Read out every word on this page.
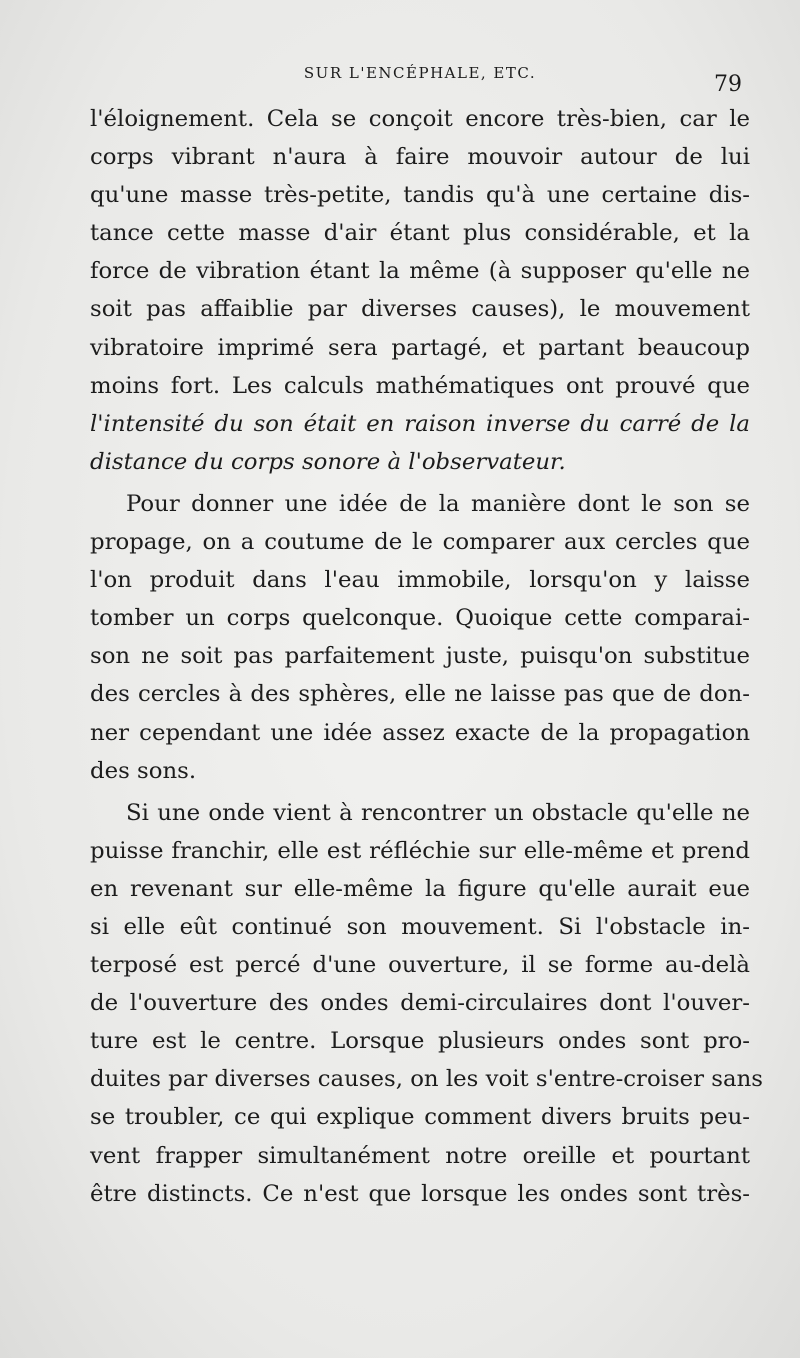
SUR L'ENCÉPHALE, ETC.	79
l'éloignement. Cela se conçoit encore très-bien, car le
corps vibrant n'aura à faire mouvoir autour de lui
qu'une masse très-petite, tandis qu'à une certaine dis-
tance cette masse d'air étant plus considérable, et la
force de vibration étant la même (à supposer qu'elle ne
soit pas affaiblie par diverses causes), le mouvement
vibratoire imprimé sera partagé, et partant beaucoup
moins fort. Les calculs mathématiques ont prouvé que
l'intensité du son était en raison inverse du carré de la
distance du corps sonore à l'observateur.
Pour donner une idée de la manière dont le son se
propage, on a coutume de le comparer aux cercles que
l'on produit dans l'eau immobile, lorsqu'on y laisse
tomber un corps quelconque. Quoique cette comparai-
son ne soit pas parfaitement juste, puisqu'on substitue
des cercles à des sphères, elle ne laisse pas que de don-
ner cependant une idée assez exacte de la propagation
des sons.
Si une onde vient à rencontrer un obstacle qu'elle ne
puisse franchir, elle est réfléchie sur elle-même et prend
en revenant sur elle-même la figure qu'elle aurait eue
si elle eût continué son mouvement. Si l'obstacle in-
terposé est percé d'une ouverture, il se forme au-delà
de l'ouverture des ondes demi-circulaires dont l'ouver-
ture est le centre. Lorsque plusieurs ondes sont pro-
duites par diverses causes, on les voit s'entre-croiser sans
se troubler, ce qui explique comment divers bruits peu-
vent frapper simultanément notre oreille et pourtant
être distincts. Ce n'est que lorsque les ondes sont très-
